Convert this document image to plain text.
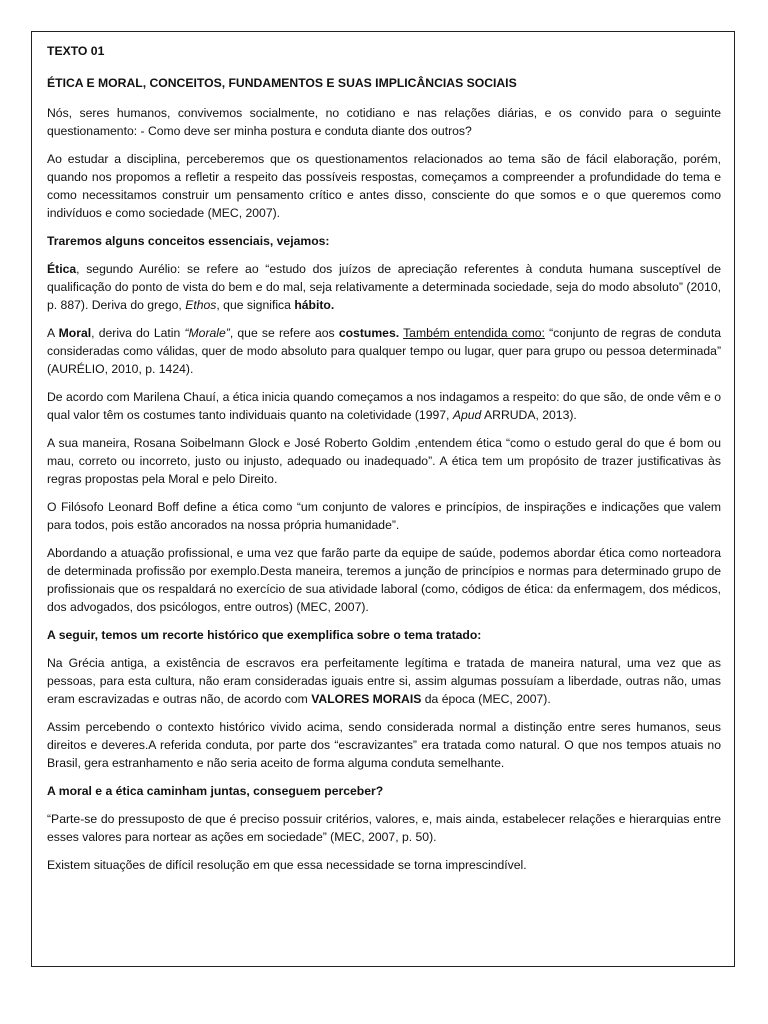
TEXTO 01

ÉTICA E MORAL, CONCEITOS, FUNDAMENTOS E SUAS IMPLICÂNCIAS SOCIAIS

Nós, seres humanos, convivemos socialmente, no cotidiano e nas relações diárias, e os convido para o seguinte questionamento: - Como deve ser minha postura e conduta diante dos outros?

Ao estudar a disciplina, perceberemos que os questionamentos relacionados ao tema são de fácil elaboração, porém, quando nos propomos a refletir a respeito das possíveis respostas, começamos a compreender a profundidade do tema e como necessitamos construir um pensamento crítico e antes disso, consciente do que somos e o que queremos como indivíduos e como sociedade (MEC, 2007).

Traremos alguns conceitos essenciais, vejamos:

Ética, segundo Aurélio: se refere ao “estudo dos juízos de apreciação referentes à conduta humana susceptível de qualificação do ponto de vista do bem e do mal, seja relativamente a determinada sociedade, seja do modo absoluto” (2010, p. 887). Deriva do grego, Ethos, que significa hábito.

A Moral, deriva do Latin “Morale”, que se refere aos costumes. Também entendida como: “conjunto de regras de conduta consideradas como válidas, quer de modo absoluto para qualquer tempo ou lugar, quer para grupo ou pessoa determinada” (AURÉLIO, 2010, p. 1424).

De acordo com Marilena Chauí, a ética inicia quando começamos a nos indagamos a respeito: do que são, de onde vêm e o qual valor têm os costumes tanto individuais quanto na coletividade (1997, Apud ARRUDA, 2013).

A sua maneira, Rosana Soibelmann Glock e José Roberto Goldim ,entendem ética “como o estudo geral do que é bom ou mau, correto ou incorreto, justo ou injusto, adequado ou inadequado”. A ética tem um propósito de trazer justificativas às regras propostas pela Moral e pelo Direito.

O Filósofo Leonard Boff define a ética como “um conjunto de valores e princípios, de inspirações e indicações que valem para todos, pois estão ancorados na nossa própria humanidade”.

Abordando a atuação profissional, e uma vez que farão parte da equipe de saúde, podemos abordar ética como norteadora de determinada profissão por exemplo.Desta maneira, teremos a junção de princípios e normas para determinado grupo de profissionais que os respaldará no exercício de sua atividade laboral (como, códigos de ética: da enfermagem, dos médicos, dos advogados, dos psicólogos, entre outros) (MEC, 2007).

A seguir, temos um recorte histórico que exemplifica sobre o tema tratado:

Na Grécia antiga, a existência de escravos era perfeitamente legítima e tratada de maneira natural, uma vez que as pessoas, para esta cultura, não eram consideradas iguais entre si, assim algumas possuíam a liberdade, outras não, umas eram escravizadas e outras não, de acordo com VALORES MORAIS da época (MEC, 2007).

Assim percebendo o contexto histórico vivido acima, sendo considerada normal a distinção entre seres humanos, seus direitos e deveres.A referida conduta, por parte dos “escravizantes” era tratada como natural. O que nos tempos atuais no Brasil, gera estranhamento e não seria aceito de forma alguma conduta semelhante.

A moral e a ética caminham juntas, conseguem perceber?

“Parte-se do pressuposto de que é preciso possuir critérios, valores, e, mais ainda, estabelecer relações e hierarquias entre esses valores para nortear as ações em sociedade” (MEC, 2007, p. 50).

Existem situações de difícil resolução em que essa necessidade se torna imprescindível.
